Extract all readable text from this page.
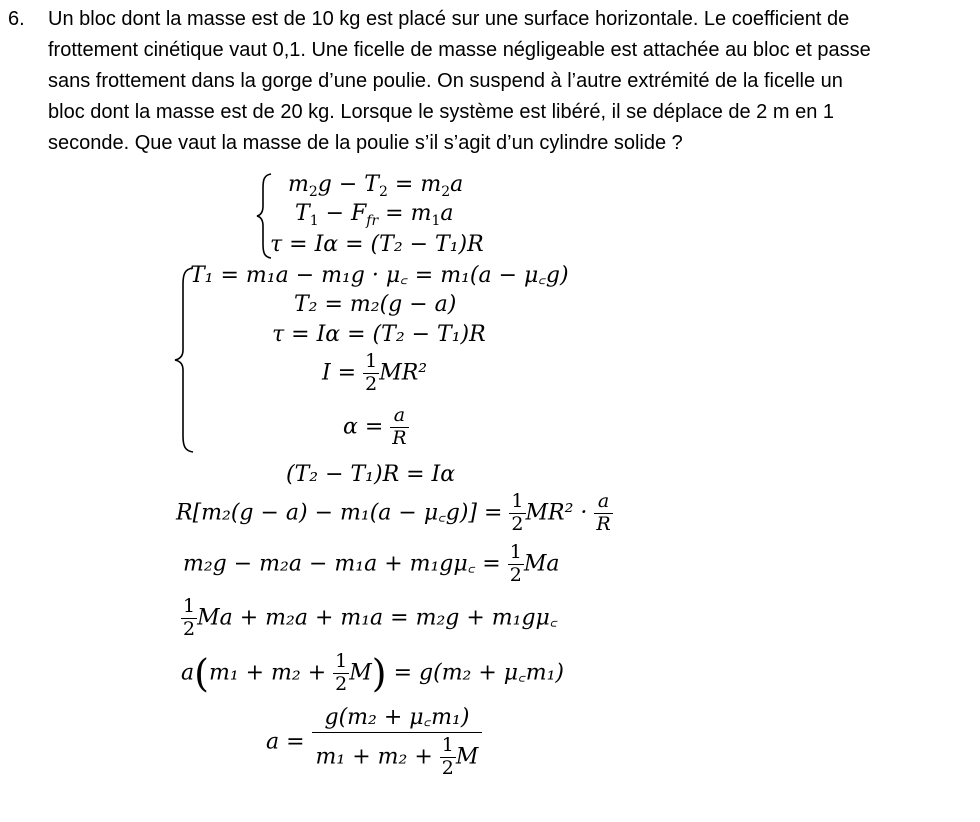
6. Un bloc dont la masse est de 10 kg est placé sur une surface horizontale. Le coefficient de
frottement cinétique vaut 0,1. Une ficelle de masse négligeable est attachée au bloc et passe
sans frottement dans la gorge d’une poulie. On suspend à l’autre extrémité de la ficelle un
bloc dont la masse est de 20 kg. Lorsque le système est libéré, il se déplace de 2 m en 1
seconde. Que vaut la masse de la poulie s’il s’agit d’un cylindre solide ?
$m_2g - T_2 = m_2a$
$T_1 - F_{fr} = m_1a$
τ = Iα = (T₂ − T₁)R
T₁ = m₁a − m₁g · μ꜀ = m₁(a − μ꜀g)
T₂ = m₂(g − a)
τ = Iα = (T₂ − T₁)R
$I = \frac{1}{2} MR^2$
$\alpha = \frac{a}{R}$
(T₂ − T₁)R = Iα
R[m₂(g − a) − m₁(a − μ꜀g)] = $\frac{1}{2} MR^2 \cdot \frac{a}{R}$
m₂g − m₂a − m₁a + m₁gμ꜀ = $\frac{1}{2}$ Ma
$\frac{1}{2}$ Ma + m₂a + m₁a = m₂g + m₁gμ꜀
$a(m_1 + m_2 + \frac{1}{2} M) = g(m_2$ + μ꜀m₁)
$a = \frac{\text{g(m₂ + μ꜀m₁)}}{m_1 + m_2 + \frac{1}{2} M}$
